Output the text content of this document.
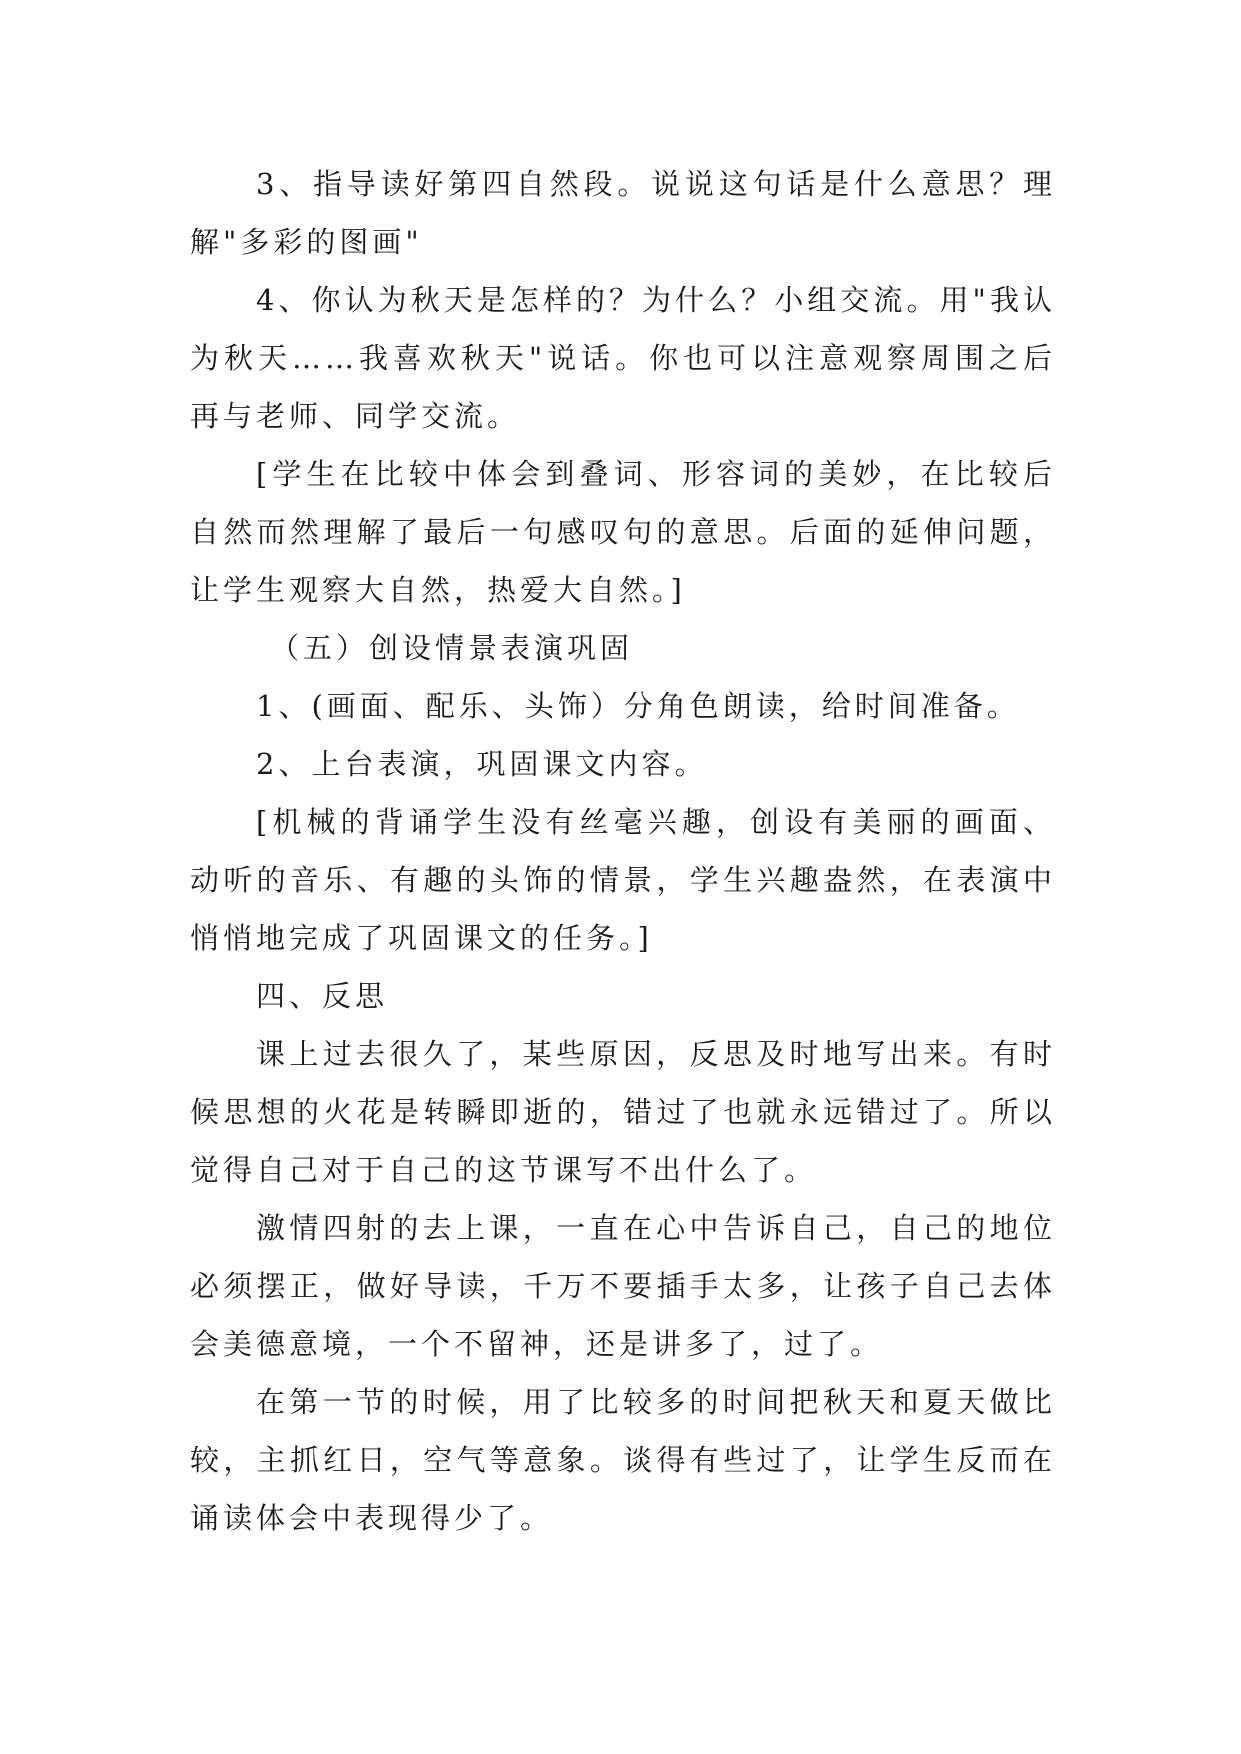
3、指导读好第四自然段。说说这句话是什么意思？理解"多彩的图画"

4、你认为秋天是怎样的？为什么？小组交流。用"我认为秋天……我喜欢秋天"说话。你也可以注意观察周围之后再与老师、同学交流。

[学生在比较中体会到叠词、形容词的美妙，在比较后自然而然理解了最后一句感叹句的意思。后面的延伸问题，让学生观察大自然，热爱大自然。]

（五）创设情景表演巩固

1、(画面、配乐、头饰）分角色朗读，给时间准备。

2、上台表演，巩固课文内容。

[机械的背诵学生没有丝毫兴趣，创设有美丽的画面、动听的音乐、有趣的头饰的情景，学生兴趣盎然，在表演中悄悄地完成了巩固课文的任务。]

四、反思

课上过去很久了，某些原因，反思及时地写出来。有时候思想的火花是转瞬即逝的，错过了也就永远错过了。所以觉得自己对于自己的这节课写不出什么了。

激情四射的去上课，一直在心中告诉自己，自己的地位必须摆正，做好导读，千万不要插手太多，让孩子自己去体会美德意境，一个不留神，还是讲多了，过了。

在第一节的时候，用了比较多的时间把秋天和夏天做比较，主抓红日，空气等意象。谈得有些过了，让学生反而在诵读体会中表现得少了。
